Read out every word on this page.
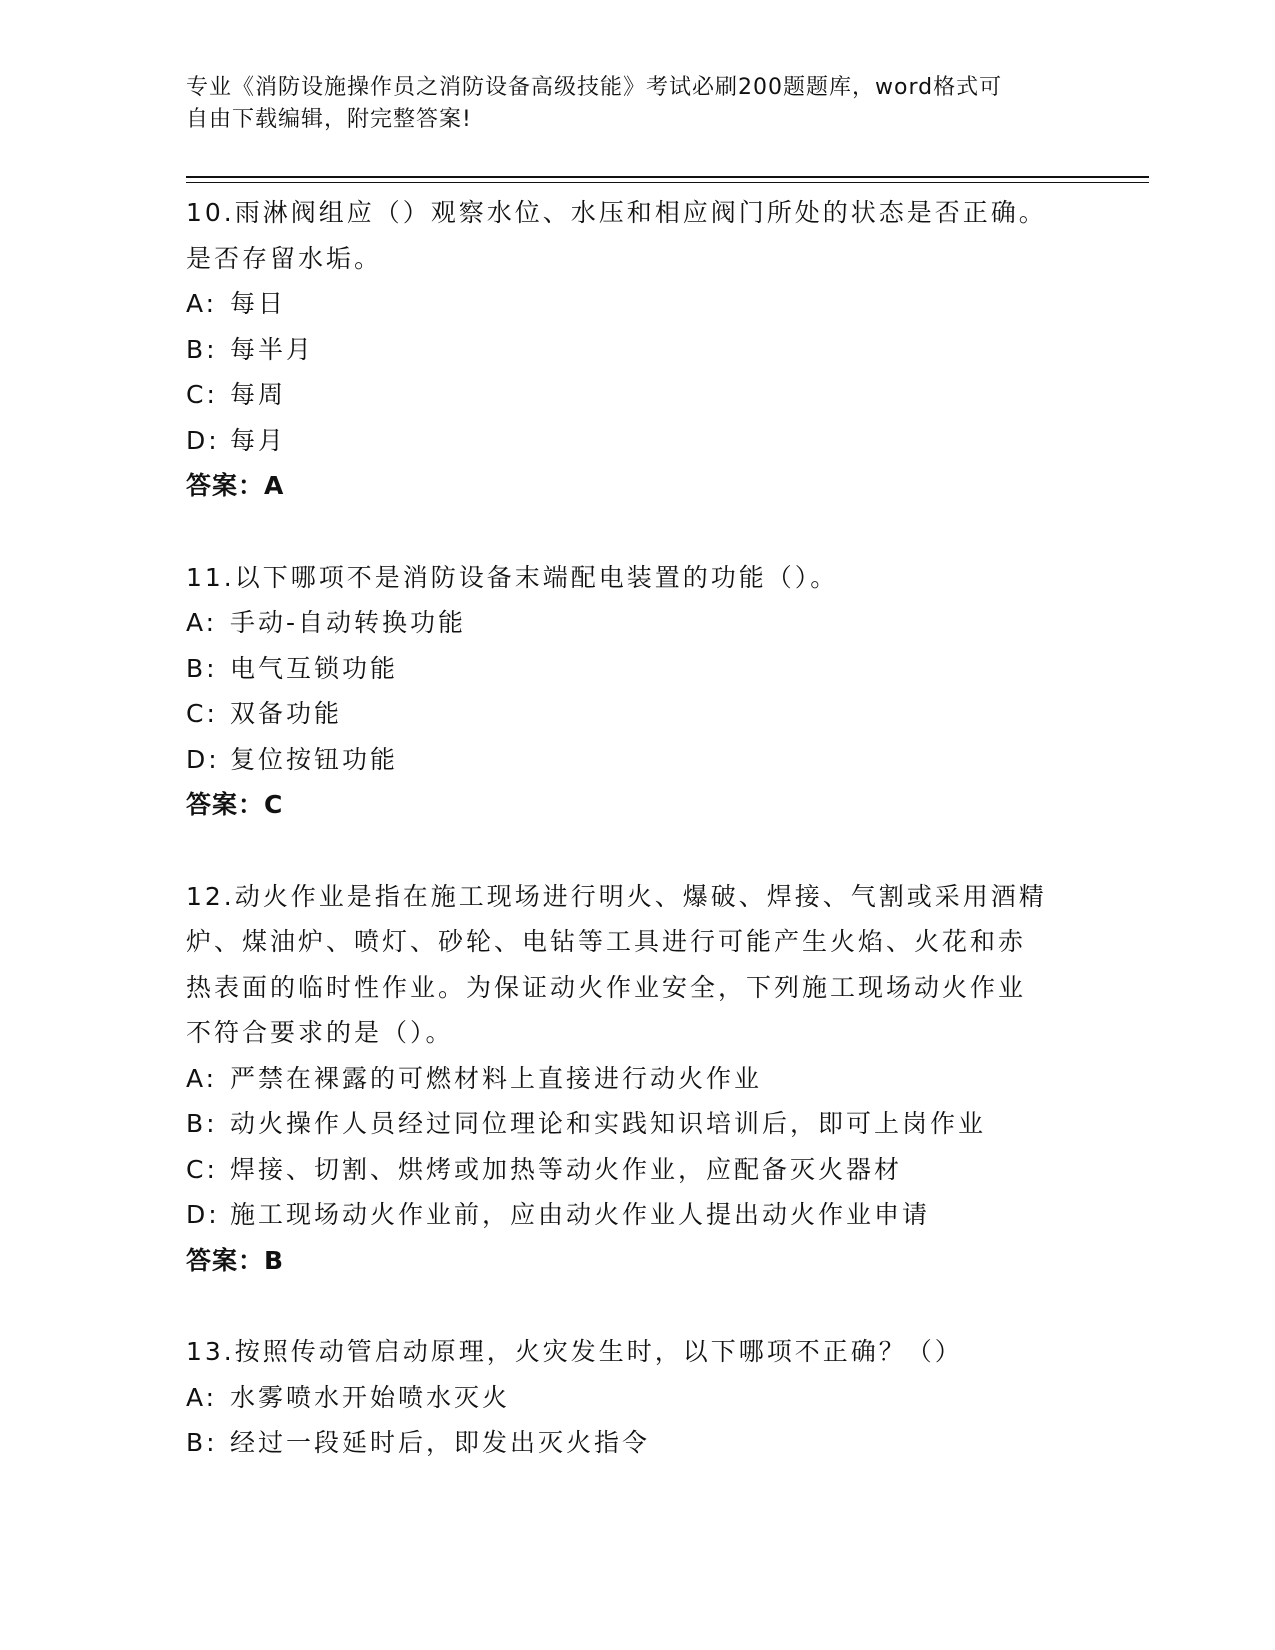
专业《消防设施操作员之消防设备高级技能》考试必刷200题题库，word格式可
自由下载编辑，附完整答案!

10.雨淋阀组应（）观察水位、水压和相应阀门所处的状态是否正确。

是否存留水垢。

A: 每日

B: 每半月

C: 每周

D: 每月

答案：A

11.以下哪项不是消防设备末端配电装置的功能（）。

A: 手动-自动转换功能

B: 电气互锁功能

C: 双备功能

D: 复位按钮功能

答案：C

12.动火作业是指在施工现场进行明火、爆破、焊接、气割或采用酒精

炉、煤油炉、喷灯、砂轮、电钻等工具进行可能产生火焰、火花和赤

热表面的临时性作业。为保证动火作业安全，下列施工现场动火作业

不符合要求的是（）。

A: 严禁在裸露的可燃材料上直接进行动火作业

B: 动火操作人员经过同位理论和实践知识培训后，即可上岗作业

C: 焊接、切割、烘烤或加热等动火作业，应配备灭火器材

D: 施工现场动火作业前，应由动火作业人提出动火作业申请

答案：B

13.按照传动管启动原理，火灾发生时，以下哪项不正确？（）

A: 水雾喷水开始喷水灭火

B: 经过一段延时后，即发出灭火指令
